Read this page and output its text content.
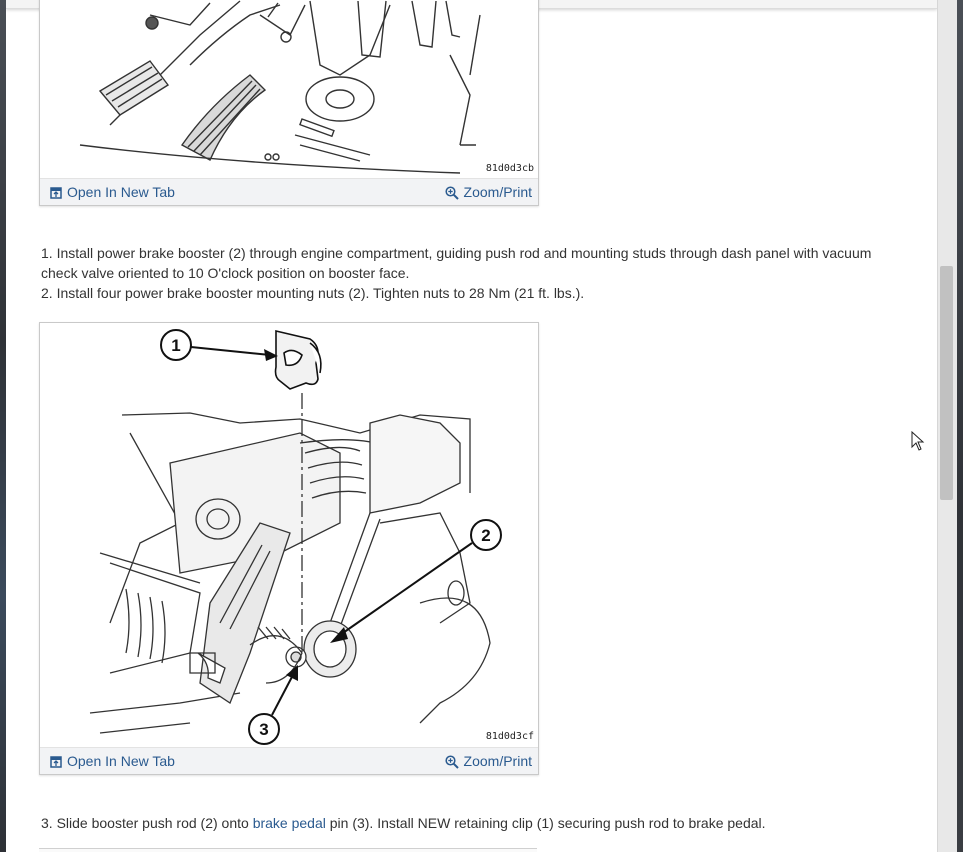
81d0d3cb
Open In New Tab	Zoom/Print
1. Install power brake booster (2) through engine compartment, guiding push rod and mounting studs through dash panel with vacuum
check valve oriented to 10 O'clock position on booster face.
2. Install four power brake booster mounting nuts (2). Tighten nuts to 28 Nm (21 ft. lbs.).
1
2
3	81d0d3cf
Open In New Tab	Zoom/Print
3. Slide booster push rod (2) onto brake pedal pin (3). Install NEW retaining clip (1) securing push rod to brake pedal.
